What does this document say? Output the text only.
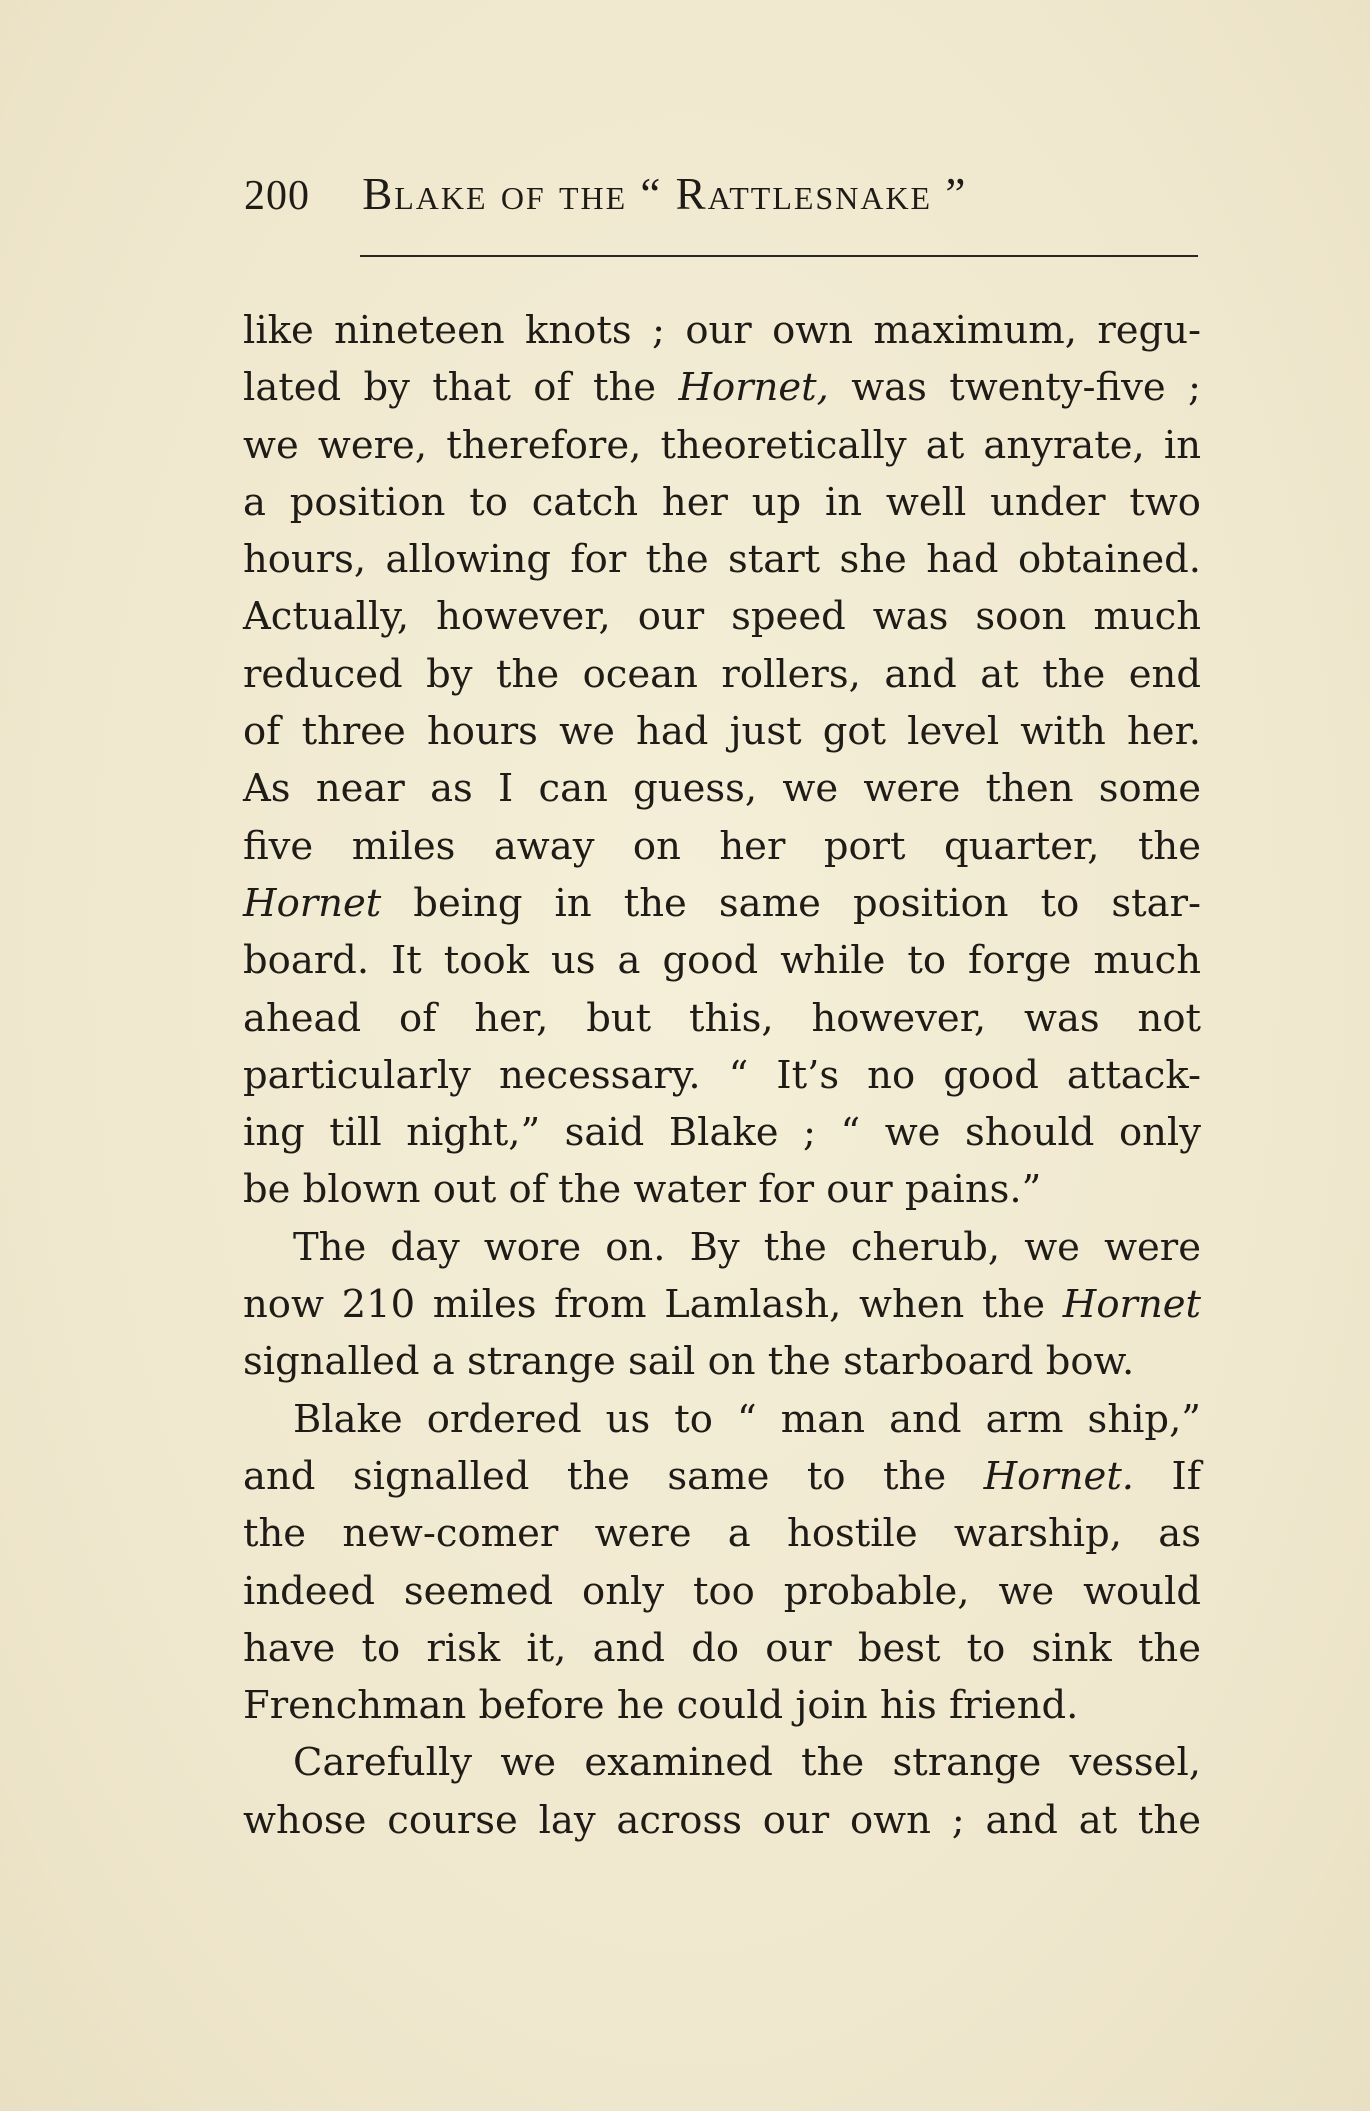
200 Blake of the “ Rattlesnake ”
like nineteen knots ; our own maximum, regu-
lated by that of the Hornet, was twenty-five ;
we were, therefore, theoretically at anyrate, in
a position to catch her up in well under two
hours, allowing for the start she had obtained.
Actually, however, our speed was soon much
reduced by the ocean rollers, and at the end
of three hours we had just got level with her.
As near as I can guess, we were then some
five miles away on her port quarter, the
Hornet being in the same position to star-
board. It took us a good while to forge much
ahead of her, but this, however, was not
particularly necessary. “ It’s no good attack-
ing till night,” said Blake ; “ we should only
be blown out of the water for our pains.”
The day wore on. By the cherub, we were
now 210 miles from Lamlash, when the Hornet
signalled a strange sail on the starboard bow.
Blake ordered us to “ man and arm ship,”
and signalled the same to the Hornet. If
the new-comer were a hostile warship, as
indeed seemed only too probable, we would
have to risk it, and do our best to sink the
Frenchman before he could join his friend.
Carefully we examined the strange vessel,
whose course lay across our own ; and at the
